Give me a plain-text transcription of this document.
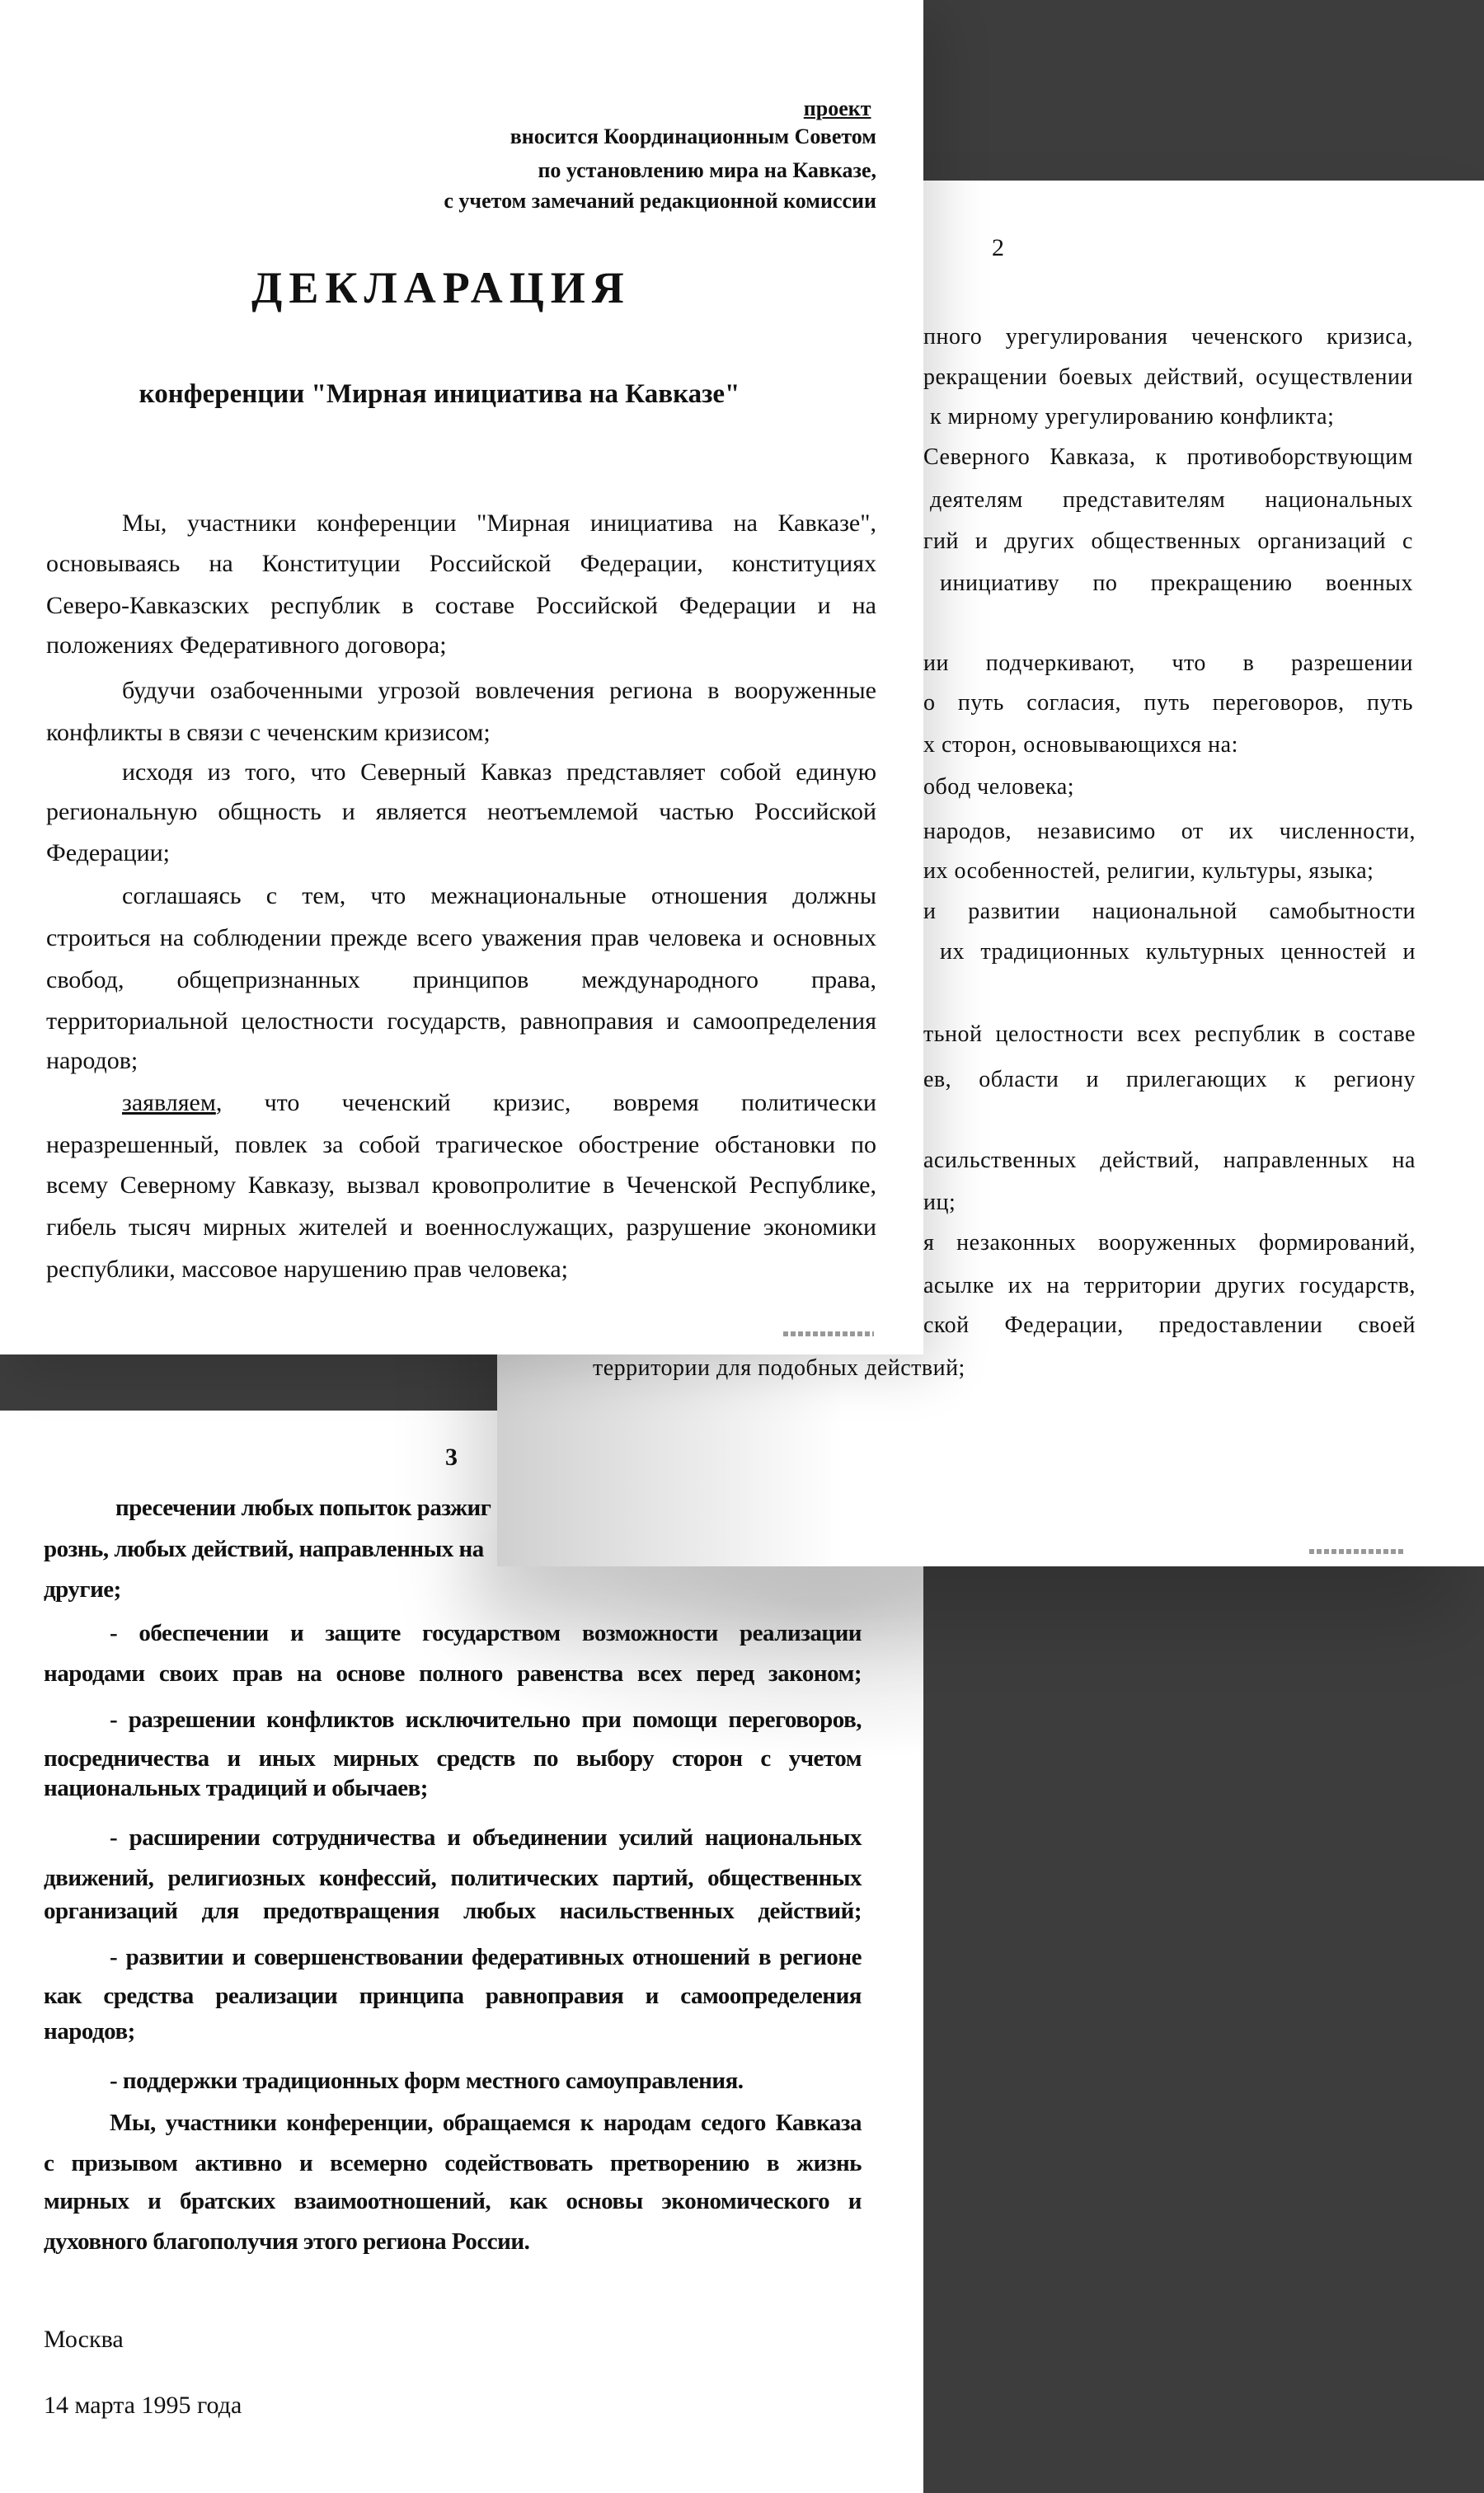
пресечении любых попыток разжиг
рознь, любых действий, направленных на
другие;
- обеспечении и защите государством возможности реализации
народами своих прав на основе полного равенства всех перед законом;
- разрешении конфликтов исключительно при помощи переговоров,
посредничества и иных мирных средств по выбору сторон с учетом
национальных традиций и обычаев;
- расширении сотрудничества и объединении усилий национальных
движений, религиозных конфессий, политических партий, общественных
организаций для предотвращения любых насильственных действий;
- развитии и совершенствовании федеративных отношений в регионе
как средства реализации принципа равноправия и самоопределения
народов;
- поддержки традиционных форм местного самоуправления.
Мы, участники конференции, обращаемся к народам седого Кавказа
с призывом активно и всемерно содействовать претворению в жизнь
мирных и братских взаимоотношений, как основы экономического и
духовного благополучия этого региона России.
3
Москва
14 марта 1995 года
пного урегулирования чеченского кризиса,
рекращении боевых действий, осуществлении
к мирному урегулированию конфликта;
Северного Кавказа, к противоборствующим
деятелям представителям национальных
гий и других общественных организаций с
инициативу по прекращению военных
ии подчеркивают, что в разрешении
о путь согласия, путь переговоров, путь
х сторон, основывающихся на:
обод человека;
народов, независимо от их численности,
их особенностей, религии, культуры, языка;
и развитии национальной самобытности
их традиционных культурных ценностей и
тьной целостности всех республик в составе
ев, области и прилегающих к региону
асильственных действий, направленных на
иц;
я незаконных вооруженных формирований,
асылке их на территории других государств,
ской Федерации, предоставлении своей
территории для подобных действий;
2
проект
вносится Координационным Советом
по установлению мира на Кавказе,
с учетом замечаний редакционной комиссии
ДЕКЛАРАЦИЯ
конференции "Мирная инициатива на Кавказе"
Мы, участники конференции "Мирная инициатива на Кавказе",
основываясь на Конституции Российской Федерации, конституциях
Северо-Кавказских республик в составе Российской Федерации и на
положениях Федеративного договора;
будучи озабоченными угрозой вовлечения региона в вооруженные
конфликты в связи с чеченским кризисом;
исходя из того, что Северный Кавказ представляет собой единую
региональную общность и является неотъемлемой частью Российской
Федерации;
соглашаясь с тем, что межнациональные отношения должны
строиться на соблюдении прежде всего уважения прав человека и основных
свобод, общепризнанных принципов международного права,
территориальной целостности государств, равноправия и самоопределения
народов;
заявляем, что чеченский кризис, вовремя политически
неразрешенный, повлек за собой трагическое обострение обстановки по
всему Северному Кавказу, вызвал кровопролитие в Чеченской Республике,
гибель тысяч мирных жителей и военнослужащих, разрушение экономики
республики, массовое нарушению прав человека;
